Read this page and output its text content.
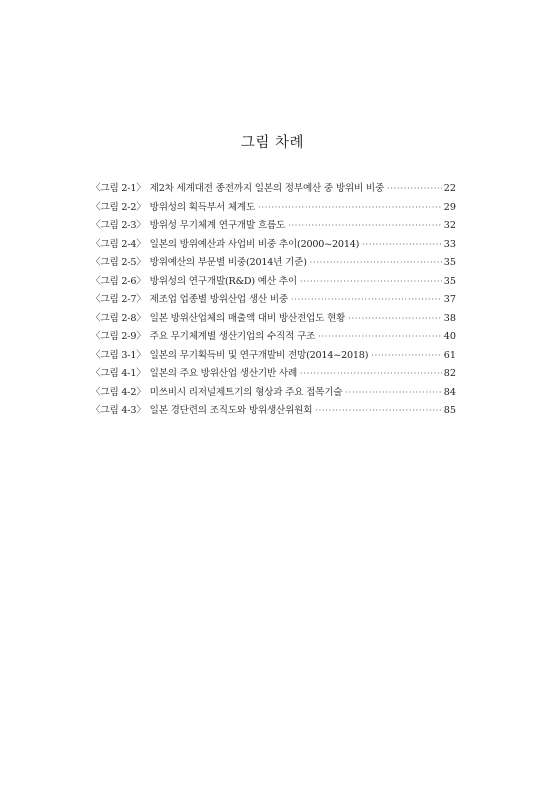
그림 차례
〈그림 2-1〉 제2차 세계대전 종전까지 일본의 정부예산 중 방위비 비중 ·····	22
〈그림 2-2〉 방위성의 획득부서 체계도 ·····	29
〈그림 2-3〉 방위성 무기체계 연구개발 흐름도 ·····	32
〈그림 2-4〉 일본의 방위예산과 사업비 비중 추이(2000~2014) ·····	33
〈그림 2-5〉 방위예산의 부문별 비중(2014년 기준) ·····	35
〈그림 2-6〉 방위성의 연구개발(R&D) 예산 추이 ·····	35
〈그림 2-7〉 제조업 업종별 방위산업 생산 비중 ·····	37
〈그림 2-8〉 일본 방위산업체의 매출액 대비 방산전업도 현황 ·····	38
〈그림 2-9〉 주요 무기체계별 생산기업의 수직적 구조 ·····	40
〈그림 3-1〉 일본의 무기획득비 및 연구개발비 전망(2014~2018) ·····	61
〈그림 4-1〉 일본의 주요 방위산업 생산기반 사례 ·····	82
〈그림 4-2〉 미쓰비시 리저널제트기의 형상과 주요 접목기술 ·····	84
〈그림 4-3〉 일본 경단련의 조직도와 방위생산위원회 ·····	85
